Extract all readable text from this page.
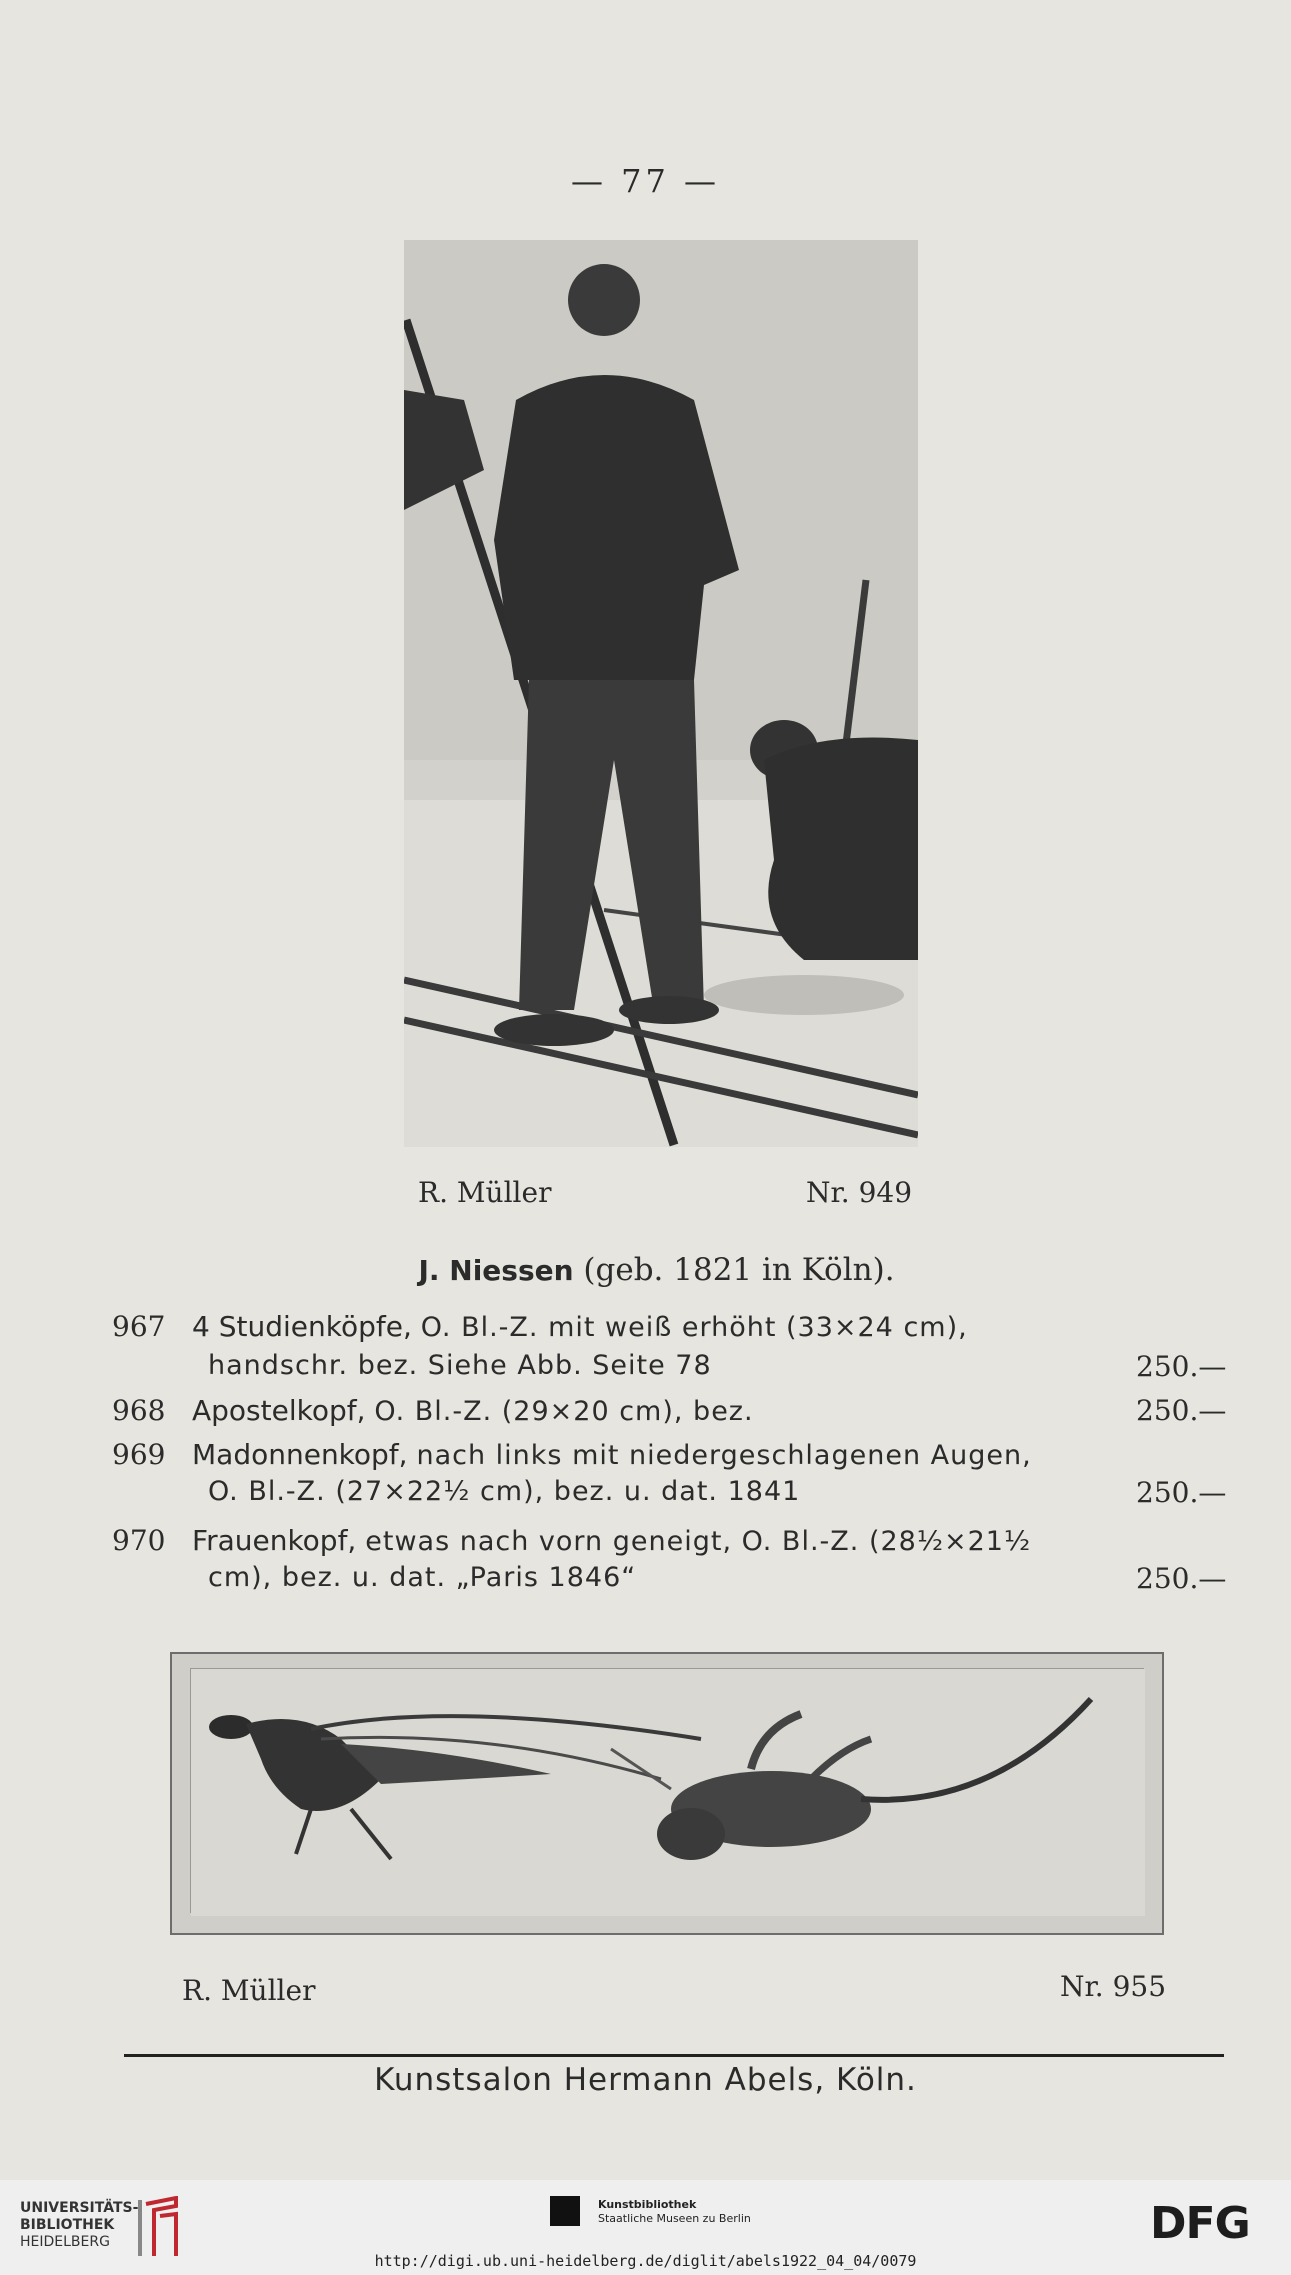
— 77 —
R. Müller	Nr. 949
J. Niessen (geb. 1821 in Köln).
967 4 Studienköpfe, O. Bl.-Z. mit weiß erhöht (33×24 cm),
handschr. bez. Siehe Abb. Seite 78	250.—
968 Apostelkopf, O. Bl.-Z. (29×20 cm), bez.	250.—
969 Madonnenkopf, nach links mit niedergeschlagenen Augen,
O. Bl.-Z. (27×22½ cm), bez. u. dat. 1841	250.—
970 Frauenkopf, etwas nach vorn geneigt, O. Bl.-Z. (28½×21½
cm), bez. u. dat. „Paris 1846“	250.—
R. Müller	Nr. 955
Kunstsalon Hermann Abels, Köln.
UNIVERSITÄTS-
BIBLIOTHEK
HEIDELBERG
Kunstbibliothek
Staatliche Museen zu Berlin	DFG
http://digi.ub.uni-heidelberg.de/diglit/abels1922_04_04/0079
